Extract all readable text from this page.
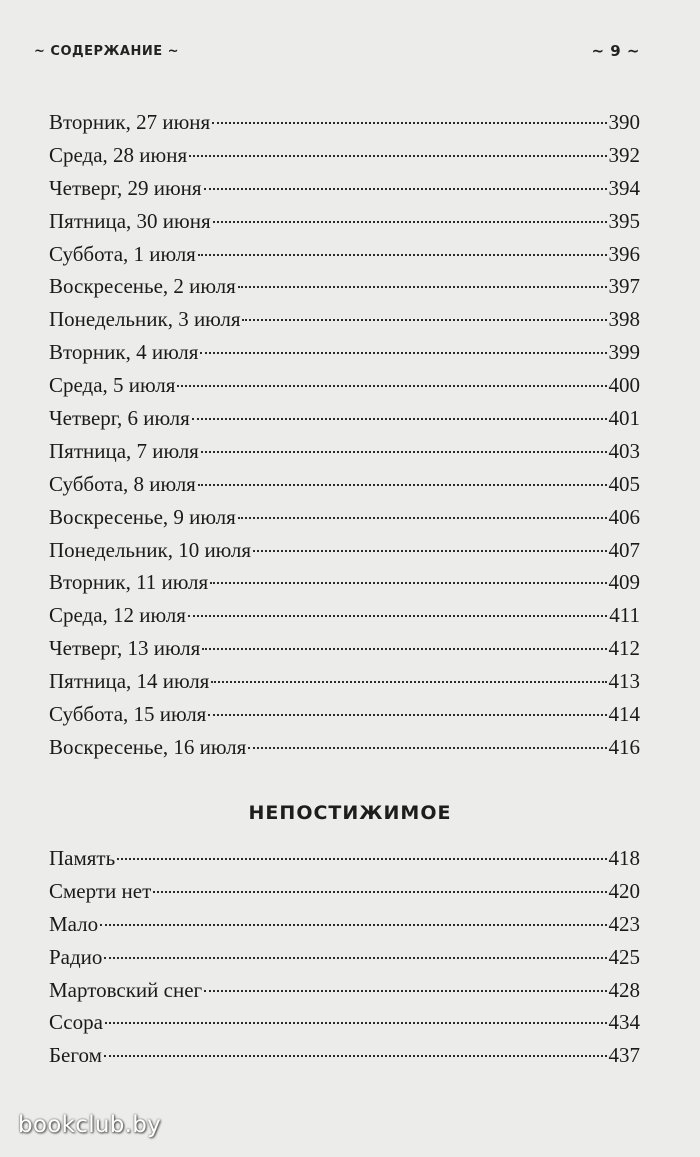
~ СОДЕРЖАНИЕ ~	~ 9 ~
Вторник, 27 июня	390
Среда, 28 июня	392
Четверг, 29 июня	394
Пятница, 30 июня	395
Суббота, 1 июля	396
Воскресенье, 2 июля	397
Понедельник, 3 июля	398
Вторник, 4 июля	399
Среда, 5 июля	400
Четверг, 6 июля	401
Пятница, 7 июля	403
Суббота, 8 июля	405
Воскресенье, 9 июля	406
Понедельник, 10 июля	407
Вторник, 11 июля	409
Среда, 12 июля	411
Четверг, 13 июля	412
Пятница, 14 июля	413
Суббота, 15 июля	414
Воскресенье, 16 июля	416
НЕПОСТИЖИМОЕ
Память	418
Смерти нет	420
Мало	423
Радио	425
Мартовский снег	428
Ссора	434
Бегом	437
bookclub.by
